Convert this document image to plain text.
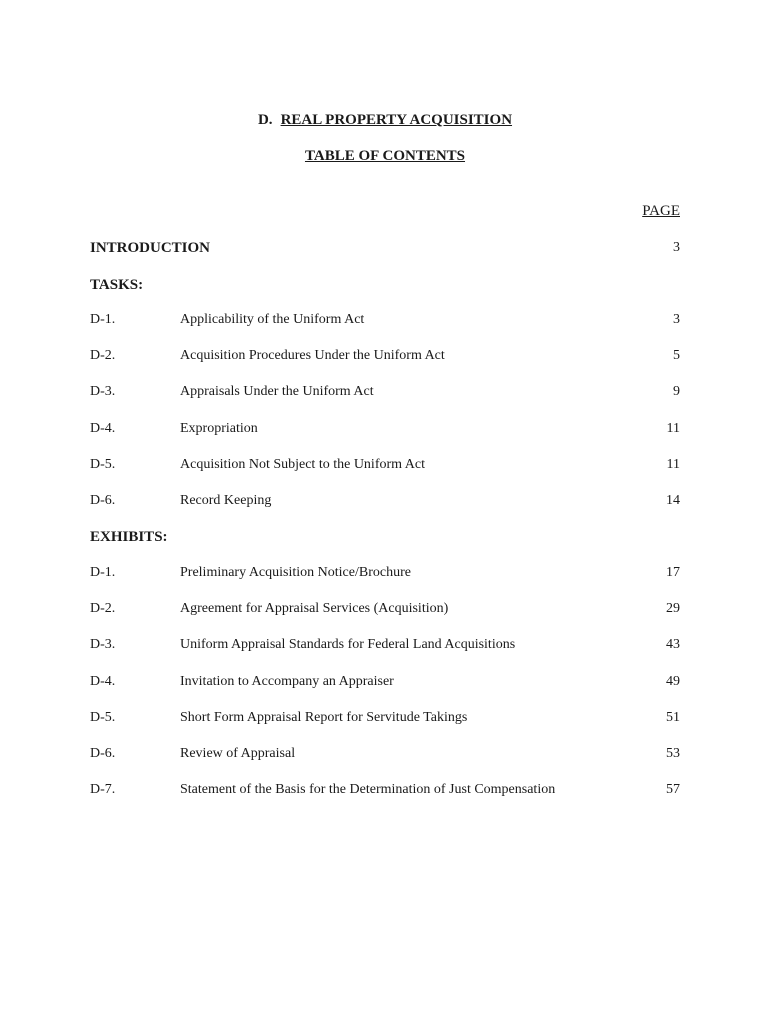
D. REAL PROPERTY ACQUISITION
TABLE OF CONTENTS
PAGE
INTRODUCTION	3
TASKS:
D-1.	Applicability of the Uniform Act	3
D-2.	Acquisition Procedures Under the Uniform Act	5
D-3.	Appraisals Under the Uniform Act	9
D-4.	Expropriation	11
D-5.	Acquisition Not Subject to the Uniform Act	11
D-6.	Record Keeping	14
EXHIBITS:
D-1.	Preliminary Acquisition Notice/Brochure	17
D-2.	Agreement for Appraisal Services (Acquisition)	29
D-3.	Uniform Appraisal Standards for Federal Land Acquisitions	43
D-4.	Invitation to Accompany an Appraiser	49
D-5.	Short Form Appraisal Report for Servitude Takings	51
D-6.	Review of Appraisal	53
D-7.	Statement of the Basis for the Determination of Just Compensation	57
